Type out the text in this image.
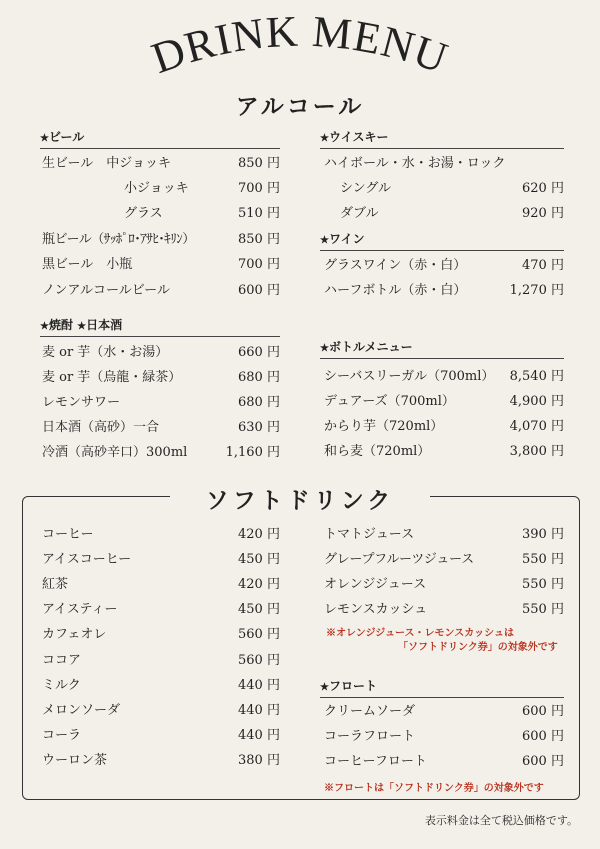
DRINK MENU
アルコール
★ビール
生ビール　中ジョッキ	850 円
小ジョッキ	700 円
グラス	510 円
瓶ビール（ｻｯﾎﾟﾛ･ｱｻﾋ･ｷﾘﾝ）	850 円
黒ビール　小瓶	700 円
ノンアルコールビール	600 円
★焼酎 ★日本酒
麦 or 芋（水・お湯）	660 円
麦 or 芋（烏龍・緑茶）	680 円
レモンサワー	680 円
日本酒（高砂）一合	630 円
冷酒（高砂辛口）300ml	1,160 円
★ウイスキー
ハイボール・水・お湯・ロック
シングル	620 円
ダブル	920 円
★ワイン
グラスワイン（赤・白）	470 円
ハーフボトル（赤・白）	1,270 円
★ボトルメニュー
シーバスリーガル（700ml） 8,540 円
デュアーズ（700ml）	4,900 円
からり芋（720ml）	4,070 円
和ら麦（720ml）	3,800 円
ソフトドリンク
コーヒー	420 円
アイスコーヒー	450 円
紅茶	420 円
アイスティー	450 円
カフェオレ	560 円
ココア	560 円
ミルク	440 円
メロンソーダ	440 円
コーラ	440 円
ウーロン茶	380 円
トマトジュース	390 円
グレープフルーツジュース	550 円
オレンジジュース	550 円
レモンスカッシュ	550 円
※オレンジジュース・レモンスカッシュは
「ソフトドリンク券」の対象外です
★フロート
クリームソーダ	600 円
コーラフロート	600 円
コーヒーフロート	600 円
※フロートは「ソフトドリンク券」の対象外です
表示料金は全て税込価格です。
